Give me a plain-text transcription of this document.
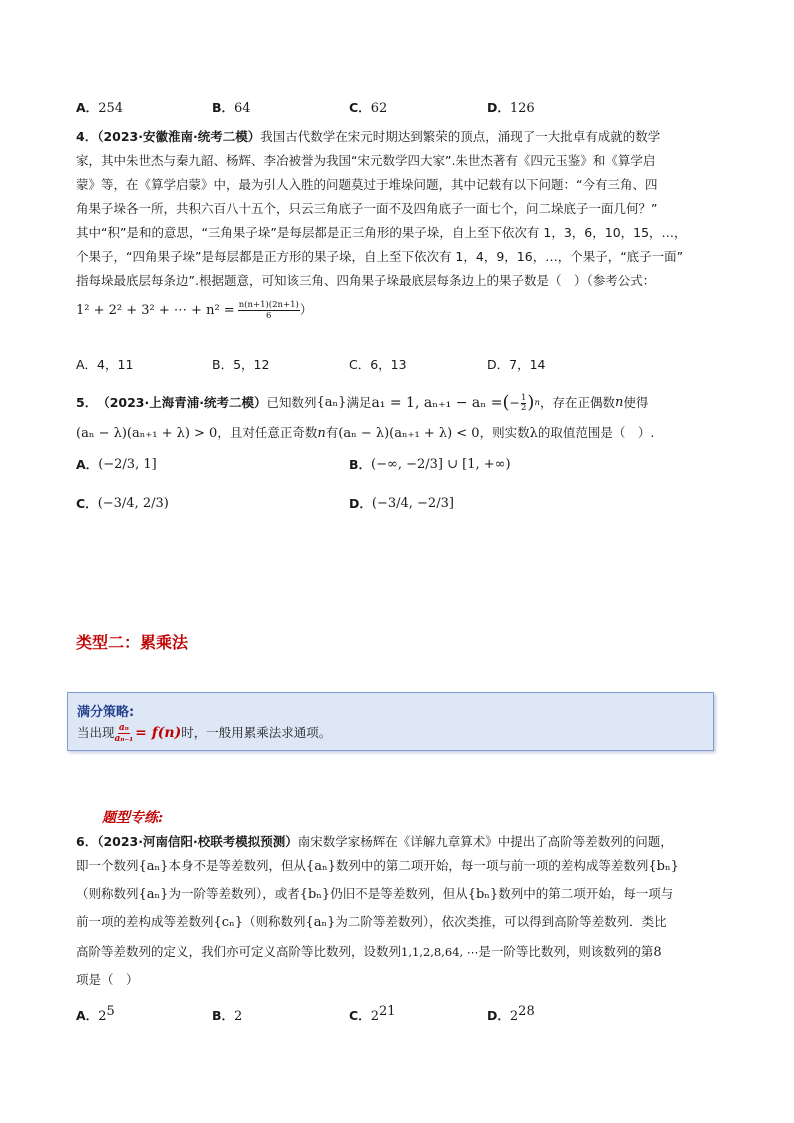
A．254	B．64	C．62	D．126
4．（2023·安徽淮南·统考二模）我国古代数学在宋元时期达到繁荣的顶点，涌现了一大批卓有成就的数学
家，其中朱世杰与秦九韶、杨辉、李冶被誉为我国“宋元数学四大家”.朱世杰著有《四元玉鉴》和《算学启
蒙》等，在《算学启蒙》中，最为引人入胜的问题莫过于堆垛问题，其中记载有以下问题：“今有三角、四
角果子垛各一所，共积六百八十五个，只云三角底子一面不及四角底子一面七个，问二垛底子一面几何？”
其中“积”是和的意思，“三角果子垛”是每层都是正三角形的果子垛，自上至下依次有 1，3，6，10，15，…，
个果子，“四角果子垛”是每层都是正方形的果子垛，自上至下依次有 1，4，9，16，…，个果子，“底子一面”
指每垛最底层每条边”.根据题意，可知该三角、四角果子垛最底层每条边上的果子数是（　）（参考公式：
1² + 2² + 3² + ⋯ + $n^2 = \frac{n(n+1)(2n+1)}{6}$ ）
A．4，11	B．5，12	C．6，13	D．7，14
5． （2023·上海青浦·统考二模） 已知数列 {aₙ} 满足 a₁ = 1, aₙ₊₁ − aₙ = ( − 1
2 ) n ，存在正偶数 n 使得
(aₙ − λ)(aₙ₊₁ + λ) > 0，且对任意正奇数n有(aₙ − λ)(aₙ₊₁ + λ) < 0，则实数λ的取值范围是（　）.
A． (−2/3, 1]	B． (−∞, −2/3] ∪ [1, +∞)
C． (−3/4, 2/3)	D． (−3/4, −2/3]
类型二：累乘法
满分策略:
当出现 $\frac{\text{aₙ}}{\text{aₙ₋₁}} = f(n)$ 时，一般用累乘法求通项。
题型专练:
6．（2023·河南信阳·校联考模拟预测）南宋数学家杨辉在《详解九章算术》中提出了高阶等差数列的问题，
即一个数列{aₙ}本身不是等差数列，但从{aₙ}数列中的第二项开始，每一项与前一项的差构成等差数列{bₙ}
（则称数列{aₙ}为一阶等差数列），或者{bₙ}仍旧不是等差数列，但从{bₙ}数列中的第二项开始，每一项与
前一项的差构成等差数列{cₙ}（则称数列{aₙ}为二阶等差数列），依次类推，可以得到高阶等差数列．类比
高阶等差数列的定义，我们亦可定义高阶等比数列，设数列1,1,2,8,64, ⋯是一阶等比数列，则该数列的第8
项是（　）
A．$2^5$	B．2	C．$2^{21}$	D．$2^{28}$
